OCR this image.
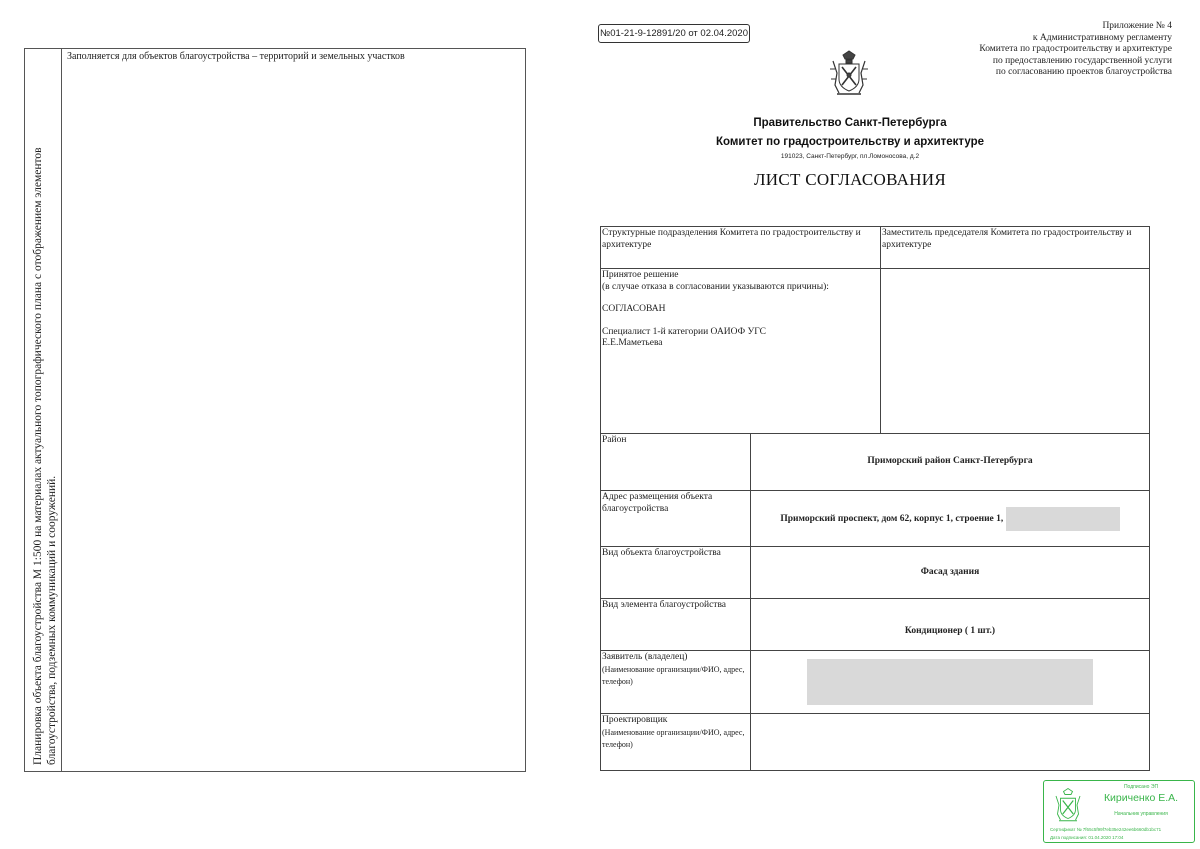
Планировка объекта благоустройства М 1:500 на материалах актуального топографического плана с отображением элементов благоустройства, подземных коммуникаций и сооружений.
Заполняется для объектов благоустройства – территорий и земельных участков
№01-21-9-12891/20 от 02.04.2020
Приложение № 4
к Административному регламенту
Комитета по градостроительству и архитектуре
по предоставлению государственной услуги
по согласованию проектов благоустройства
Правительство Санкт-Петербурга
Комитет по градостроительству и архитектуре
191023, Санкт-Петербург, пл.Ломоносова, д.2
ЛИСТ СОГЛАСОВАНИЯ
Структурные подразделения Комитета по градостроительству и архитектуре		Заместитель председателя Комитета по градостроительству и архитектуре

Принятое решение
(в случае отказа в согласовании указываются причины):
СОГЛАСОВАН
Специалист 1-й категории ОАИОФ УГС
Е.Е.Маметьева		

Район	Приморский район Санкт-Петербурга	
Адрес размещения объекта благоустройства	Приморский проспект, дом 62, корпус 1, строение 1,	
Вид объекта благоустройства	Фасад здания	
Вид элемента благоустройства	Кондиционер ( 1 шт.)	

Заявитель (владелец)
(Наименование организации/ФИО, адрес, телефон)		

Проектировщик
(Наименование организации/ФИО, адрес, телефон)		

Подписано ЭП
Кириченко Е.А.
Начальник управления
Сертификат № 7f65c5f99f7eb35e242ee6b660db1bc71
Дата подписания: 01.04.2020 17:04
